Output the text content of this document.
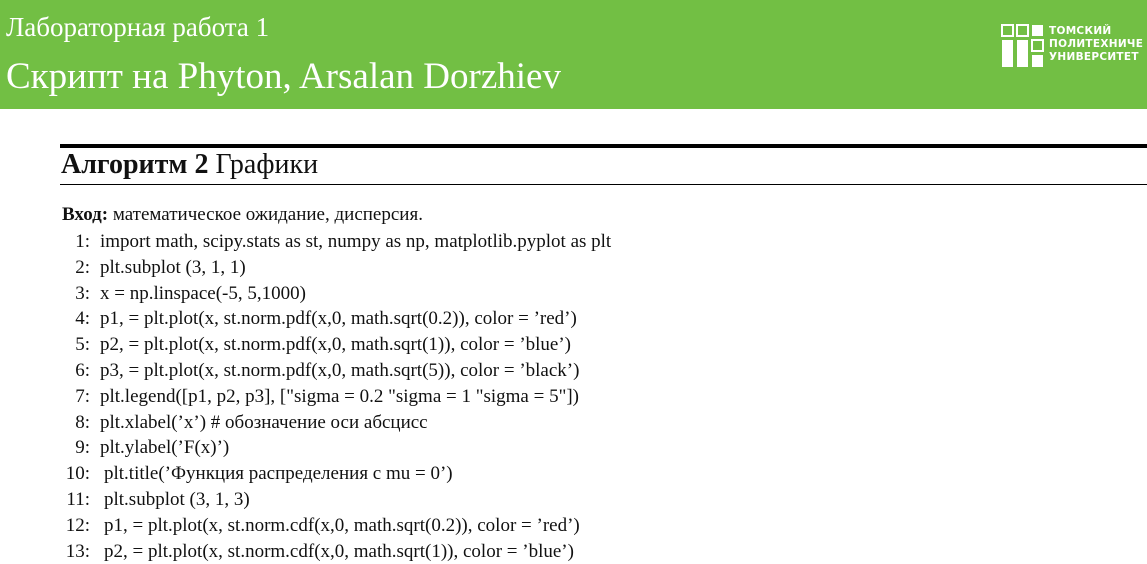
Лабораторная работа 1
Скрипт на Phyton, Arsalan Dorzhiev
ТОМСКИЙ
ПОЛИТЕХНИЧЕ
УНИВЕРСИТЕТ
Алгоритм 2 Графики
Вход: математическое ожидание, дисперсия.
1: import math, scipy.stats as st, numpy as np, matplotlib.pyplot as plt
2: plt.subplot (3, 1, 1)
3: x = np.linspace(-5, 5,1000)
4: p1, = plt.plot(x, st.norm.pdf(x,0, math.sqrt(0.2)), color = ’red’)
5: p2, = plt.plot(x, st.norm.pdf(x,0, math.sqrt(1)), color = ’blue’)
6: p3, = plt.plot(x, st.norm.pdf(x,0, math.sqrt(5)), color = ’black’)
7: plt.legend([p1, p2, p3], ["sigma = 0.2 "sigma = 1 "sigma = 5"])
8: plt.xlabel(’x’) # обозначение оси абсцисс
9: plt.ylabel(’F(x)’)
10: plt.title(’Функция распределения с mu = 0’)
11: plt.subplot (3, 1, 3)
12: p1, = plt.plot(x, st.norm.cdf(x,0, math.sqrt(0.2)), color = ’red’)
13: p2, = plt.plot(x, st.norm.cdf(x,0, math.sqrt(1)), color = ’blue’)
